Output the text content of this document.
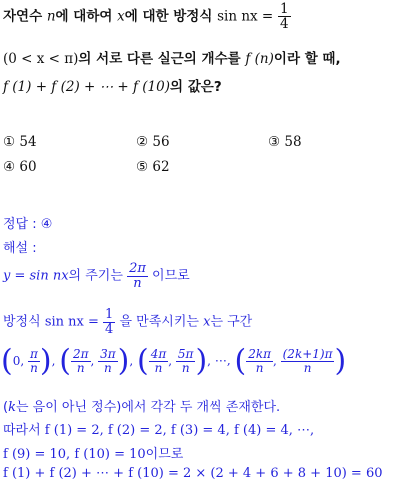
자연수 n에 대하여 x에 대한 방정식 sin nx = $\frac{1}{4}$
(0 < x < π)의 서로 다른 실근의 개수를 f (n)이라 할 때,
f (1) + f (2) + ⋯ + f (10)의 값은?
① 54	② 56	③ 58
④ 60	⑤ 62
정답 : ④
해설 :
y = sin nx의 주기는 $\frac{2\pi}{n}$ 이므로
방정식 sin nx = $\frac{1}{4}$ 을 만족시키는 x는 구간
(0, $\frac{\pi}{n}$ ), ( $\frac{2\pi}{n}$ , $\frac{3\pi}{n}$ ), ( $\frac{4\pi}{n}$ , $\frac{5\pi}{n}$ ), ⋯, ( $\frac{2k\pi}{n}$ , $\frac{(2k+1)\pi}{n}$ )
(k는 음이 아닌 정수)에서 각각 두 개씩 존재한다.
따라서 f (1) = 2, f (2) = 2, f (3) = 4, f (4) = 4, ⋯,
f (9) = 10, f (10) = 10이므로
f (1) + f (2) + ⋯ + f (10) = 2 × (2 + 4 + 6 + 8 + 10) = 60
